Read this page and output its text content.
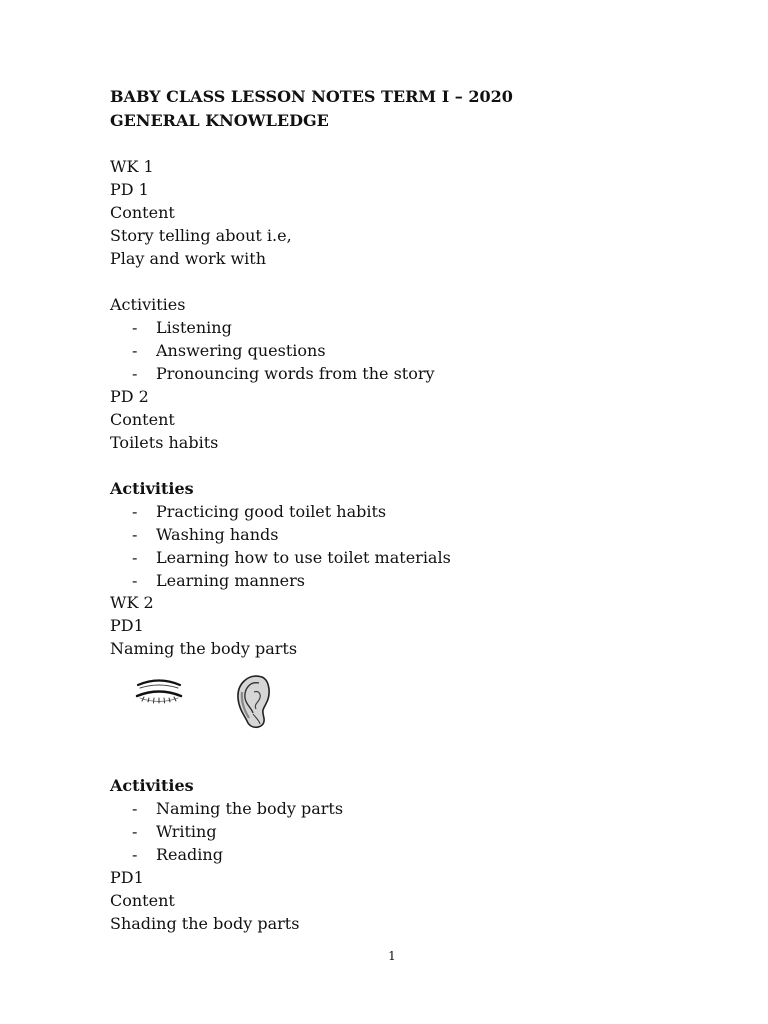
BABY CLASS LESSON NOTES TERM I – 2020
GENERAL KNOWLEDGE
WK 1
PD 1
Content
Story telling about i.e,
Play and work with
Activities
- Listening
- Answering questions
- Pronouncing words from the story
PD 2
Content
Toilets habits
Activities
- Practicing good toilet habits
- Washing hands
- Learning how to use toilet materials
- Learning manners
WK 2
PD1
Naming the body parts
Activities
- Naming the body parts
- Writing
- Reading
PD1
Content
Shading the body parts
1
